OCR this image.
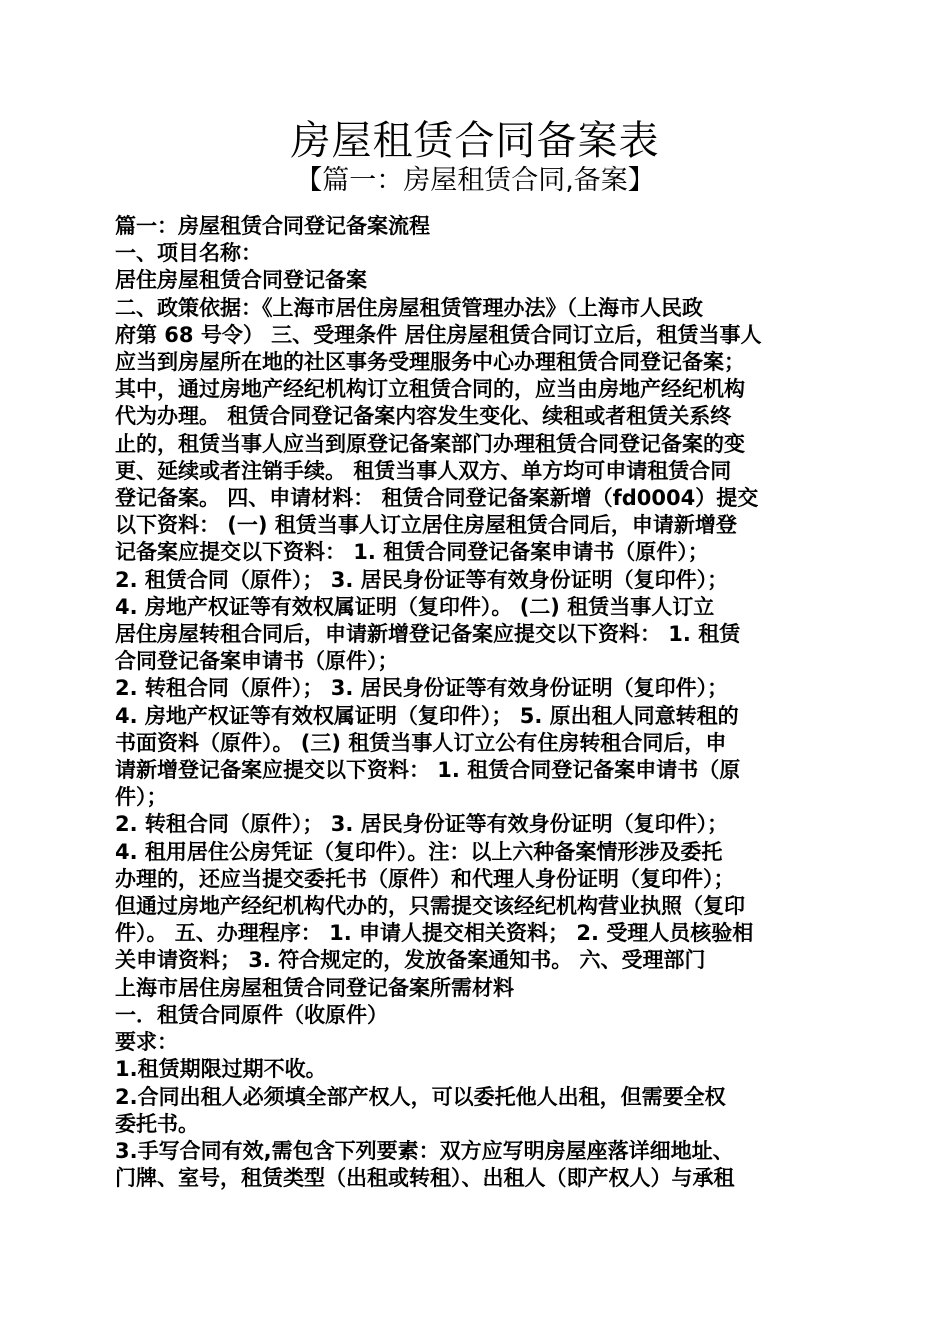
房屋租赁合同备案表
【篇一：房屋租赁合同,备案】
篇一：房屋租赁合同登记备案流程
一、项目名称：
居住房屋租赁合同登记备案
二、政策依据：《上海市居住房屋租赁管理办法》（上海市人民政
府第 68 号令） 三、受理条件 居住房屋租赁合同订立后，租赁当事人
应当到房屋所在地的社区事务受理服务中心办理租赁合同登记备案；
其中，通过房地产经纪机构订立租赁合同的，应当由房地产经纪机构
代为办理。 租赁合同登记备案内容发生变化、续租或者租赁关系终
止的，租赁当事人应当到原登记备案部门办理租赁合同登记备案的变
更、延续或者注销手续。 租赁当事人双方、单方均可申请租赁合同
登记备案。 四、申请材料： 租赁合同登记备案新增（fd0004）提交
以下资料： (一) 租赁当事人订立居住房屋租赁合同后，申请新增登
记备案应提交以下资料： 1. 租赁合同登记备案申请书（原件）；
2. 租赁合同（原件）； 3. 居民身份证等有效身份证明（复印件）；
4. 房地产权证等有效权属证明（复印件）。 (二) 租赁当事人订立
居住房屋转租合同后，申请新增登记备案应提交以下资料： 1. 租赁
合同登记备案申请书（原件）；
2. 转租合同（原件）； 3. 居民身份证等有效身份证明（复印件）；
4. 房地产权证等有效权属证明（复印件）； 5. 原出租人同意转租的
书面资料（原件）。 (三) 租赁当事人订立公有住房转租合同后，申
请新增登记备案应提交以下资料： 1. 租赁合同登记备案申请书（原
件）；
2. 转租合同（原件）； 3. 居民身份证等有效身份证明（复印件）；
4. 租用居住公房凭证（复印件）。注：以上六种备案情形涉及委托
办理的，还应当提交委托书（原件）和代理人身份证明（复印件）；
但通过房地产经纪机构代办的，只需提交该经纪机构营业执照（复印
件）。 五、办理程序： 1. 申请人提交相关资料； 2. 受理人员核验相
关申请资料； 3. 符合规定的，发放备案通知书。 六、受理部门
上海市居住房屋租赁合同登记备案所需材料
一．租赁合同原件（收原件）
要求：
1.租赁期限过期不收。
2.合同出租人必须填全部产权人，可以委托他人出租，但需要全权
委托书。
3.手写合同有效,需包含下列要素：双方应写明房屋座落详细地址、
门牌、室号，租赁类型（出租或转租）、出租人（即产权人）与承租
